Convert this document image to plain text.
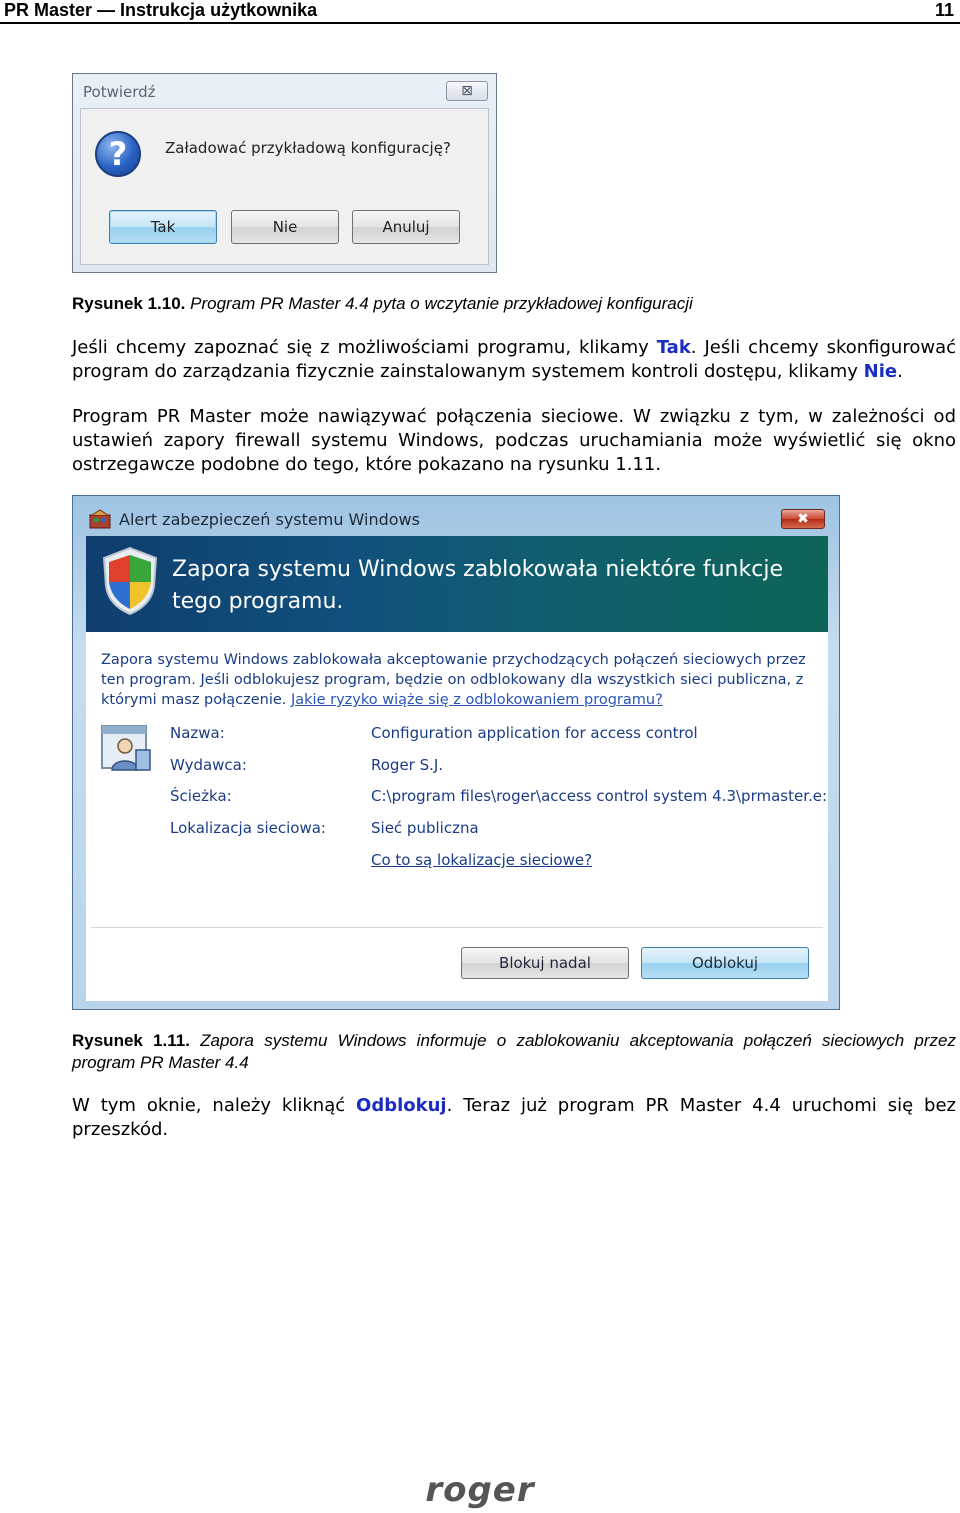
PR Master — Instrukcja użytkownika	11
Potwierdź	⊠
?	Załadować przykładową konfigurację?
Tak	Nie	Anuluj
Rysunek 1.10. Program PR Master 4.4 pyta o wczytanie przykładowej konfiguracji
Jeśli chcemy zapoznać się z możliwościami programu, klikamy Tak. Jeśli chcemy skonfigurować program do zarządzania fizycznie zainstalowanym systemem kontroli dostępu, klikamy Nie.
Program PR Master może nawiązywać połączenia sieciowe. W związku z tym, w zależności od ustawień zapory firewall systemu Windows, podczas uruchamiania może wyświetlić się okno ostrzegawcze podobne do tego, które pokazano na rysunku 1.11.
Alert zabezpieczeń systemu Windows	✖
Zapora systemu Windows zablokowała niektóre funkcje tego programu.
Zapora systemu Windows zablokowała akceptowanie przychodzących połączeń sieciowych przez ten program. Jeśli odblokujesz program, będzie on odblokowany dla wszystkich sieci publiczna, z którymi masz połączenie. Jakie ryzyko wiąże się z odblokowaniem programu?
Nazwa:	Configuration application for access control
Wydawca:	Roger S.J.
Ścieżka:	C:\program files\roger\access control system 4.3\prmaster.e:
Lokalizacja sieciowa:	Sieć publiczna
Co to są lokalizacje sieciowe?
Blokuj nadal	Odblokuj
Rysunek 1.11. Zapora systemu Windows informuje o zablokowaniu akceptowania połączeń sieciowych przez program PR Master 4.4
W tym oknie, należy kliknąć Odblokuj. Teraz już program PR Master 4.4 uruchomi się bez przeszkód.
roger
